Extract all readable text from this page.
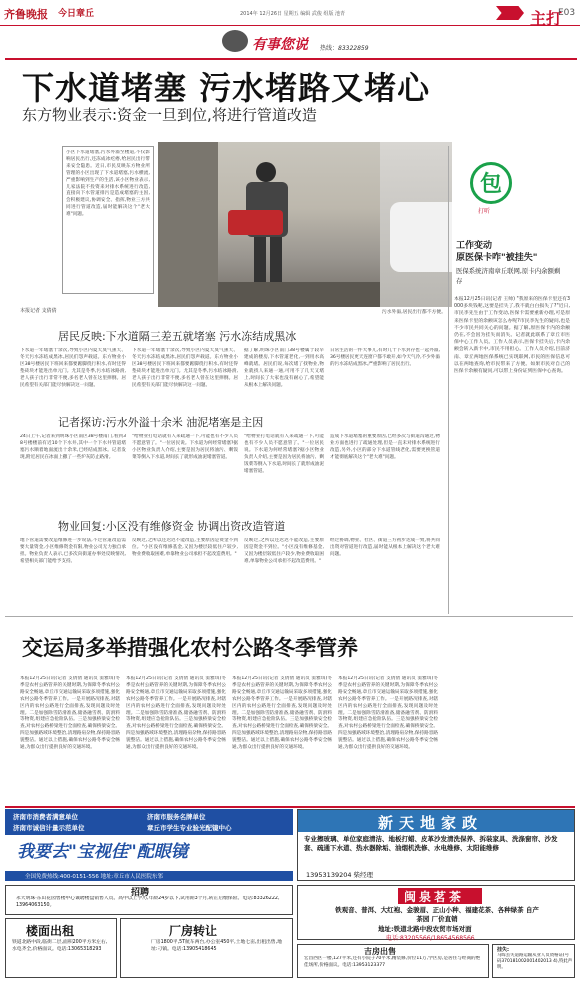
齐鲁晚报 今日章丘	2014年 12月26日 星期五 编辑 武俊 组版 池青	主打
E03
有事您说 热线：83322859
下水道堵塞 污水堵路又堵心
东方物业表示:资金一旦到位,将进行管道改造
小区下水道堵塞,污水外溢至楼道,不仅影响居民出行,还冻成冰疙瘩,给居民出行带来安全隐患。近日,市民反映东方物业所管理的小区出现了下水道堵塞,污水横流,严重影响到生产的生活,该小区物业表示,儿家法院不投资来对排水系统进行改造,直接向下水管道排污是造成堵塞的主因,会积极建议,协调安全、指挥,物业三方共同进行管道改造,届时能解决这个"老大难"问题。
本报记者 支倩倩	污水外溢,居民出行都不方便。
居民反映:下水道隔三差五就堵塞 污水冻结成黑冰
下水道一年堵塞十余次,导致小区内夏天臭气熏天、冬天污水冻结成黑冰,居民们怨声载道。东方物业小区38号楼居民下班回来都要踮脚绕行积水,有时还得垫砖块才能进出单元门。尤其是冬季,污水结冰路滑,老人孩子出行非常不便,多名老人曾在这里摔倒。居民希望有关部门能尽快解决这一问题。
下水道一年堵塞十余次,导致小区内夏天臭气熏天、冬天污水冻结成黑冰,居民们怨声载道。东方物业小区38号楼居民下班回来都要踮脚绕行积水,有时还得垫砖块才能进出单元门。尤其是冬季,污水结冰路滑,老人孩子出行非常不便,多名老人曾在这里摔倒。居民希望有关部门能尽快解决这一问题。
据了解,明珠小区南门38号楼属于较早建成的楼房,下水管道老化,一到用水高峰就堵。居民们说,每次堵了找物业,物业就找人来通一通,可用不了几天又堵上,时间长了大家也没有耐心了,希望能从根本上解决问题。
日常生活的一件大事儿,有时几十下水封存也一起外溢,36号楼居民更天连窗户都不敢开,如今天气冷,不少外溢的污水冻结成黑冰,严重影响了居民出行。
记者探访:污水外溢十余米 油泥堵塞是主因
24日上午,记者来到明珠小区南区38号楼南门,看到38号楼楼前有近10个下水井,其中一个下水井管道堵塞污水顺着地面流出十余米,已经结成黑冰。记者发现,附近居民在冰面上撒了一些炉灰防止路滑。
"给物业打电话就有人来疏通一下,可能也有不少人员不愿意管了。"一位居民说。下水道为何经常堵塞?据小区物业负责人介绍,主要是因为居民将油污、剩饭菜等倒入下水道,时间长了就形成油泥堵塞管道。
"给物业打电话就有人来疏通一下,可能也有不少人员不愿意管了。"一位居民说。下水道为何经常堵塞?据小区物业负责人介绍,主要是因为居民将油污、剩饭菜等倒入下水道,时间长了就形成油泥堵塞管道。
造成下水道堵塞的重要原因,已经多次与街道沟通过,物业方面也进行了疏通处理,但是一直未对排水系统进行改造,另外,小区的部分下水道管线老化,需要更换管道才能彻底解决这个"老大难"问题。
物业回复:小区没有维修资金 协调出资改造管道
地下管道需要改造维修进一步说法,不过管道改造需要大量资金,小区维修资金有限,物业公司无力独自承担。物业负责人表示,已多次向街道办事处反映情况,希望相关部门能给予支持。
反映过,之所以还迟迟不能改造,主要原因是资金不到位。"小区没有维修基金,又因为楼层较低住户较少,物业费收取困难,单靠物业公司承担不起改造费用。"
反映过,之所以还迟迟不能改造,主要原因是资金不到位。"小区没有维修基金,又因为楼层较低住户较少,物业费收取困难,单靠物业公司承担不起改造费用。"
经过协调,物业、社区、街道三方初步达成一致,将共同出资对管道进行改造,届时能从根本上解决这个老大难问题。
包
打听
工作变动
原医保卡咋"被挂失"
医保系统济南章丘联网,原卡内余额剩存
本报12月25日讯(记者 王帅) "我原来的医保卡里还有3000多块钱呢,这要是挂失了,我不就白白损失了?"近日,市民李先生由于工作变动,医保卡需要重新办理,可是原来医保卡里的余额该怎么办呢?市民李先生的疑问,也是不少市民共同关心的问题。据了解,原医保卡内的余额仍在,不会因为挂失而消失。记者就此联系了章丘市医保中心工作人员。工作人员表示,医保卡挂失后,卡内余额会转入新卡中,市民不用担心。工作人员介绍,目前济南、章丘两地医保系统已实现联网,市民的医保信息可以在两地查询,给市民带来了方便。如果市民对自己的医保卡余额有疑问,可以带上身份证到医保中心查询。
交运局多举措强化农村公路冬季管养
本报12月25日讯(记者 支倩倩 通讯员 窦雅琪)冬季是农村公路管养的关键时期,为保障冬季农村公路安全畅通,章丘市交通运输局采取多项措施,强化农村公路冬季管养工作。一是开展路况排查,对辖区内的农村公路进行全面排查,发现问题及时处理。二是加强除雪防滑准备,储备融雪剂、防滑料等物资,组建应急抢险队伍。三是加强桥梁安全检查,对农村公路桥梁进行全面检查,确保桥梁安全。四是加强路域环境整治,清理路肩杂物,保持路容路貌整洁。通过以上措施,确保农村公路冬季安全畅通,为群众出行提供良好的交通环境。
本报12月25日讯(记者 支倩倩 通讯员 窦雅琪)冬季是农村公路管养的关键时期,为保障冬季农村公路安全畅通,章丘市交通运输局采取多项措施,强化农村公路冬季管养工作。一是开展路况排查,对辖区内的农村公路进行全面排查,发现问题及时处理。二是加强除雪防滑准备,储备融雪剂、防滑料等物资,组建应急抢险队伍。三是加强桥梁安全检查,对农村公路桥梁进行全面检查,确保桥梁安全。四是加强路域环境整治,清理路肩杂物,保持路容路貌整洁。通过以上措施,确保农村公路冬季安全畅通,为群众出行提供良好的交通环境。
本报12月25日讯(记者 支倩倩 通讯员 窦雅琪)冬季是农村公路管养的关键时期,为保障冬季农村公路安全畅通,章丘市交通运输局采取多项措施,强化农村公路冬季管养工作。一是开展路况排查,对辖区内的农村公路进行全面排查,发现问题及时处理。二是加强除雪防滑准备,储备融雪剂、防滑料等物资,组建应急抢险队伍。三是加强桥梁安全检查,对农村公路桥梁进行全面检查,确保桥梁安全。四是加强路域环境整治,清理路肩杂物,保持路容路貌整洁。通过以上措施,确保农村公路冬季安全畅通,为群众出行提供良好的交通环境。
本报12月25日讯(记者 支倩倩 通讯员 窦雅琪)冬季是农村公路管养的关键时期,为保障冬季农村公路安全畅通,章丘市交通运输局采取多项措施,强化农村公路冬季管养工作。一是开展路况排查,对辖区内的农村公路进行全面排查,发现问题及时处理。二是加强除雪防滑准备,储备融雪剂、防滑料等物资,组建应急抢险队伍。三是加强桥梁安全检查,对农村公路桥梁进行全面检查,确保桥梁安全。四是加强路域环境整治,清理路肩杂物,保持路容路貌整洁。通过以上措施,确保农村公路冬季安全畅通,为群众出行提供良好的交通环境。
济南市消费者满意单位	济南市服务名牌单位
济南市诚信计量示范单位	章丘市学生专业验光配镜中心
我要去"宝视佳"配眼镜
全国免费热线:400-0151-556 地址:章丘市人民医院东邻
新天地家政
专业擦玻璃、单位家庭清洁、地板打蜡、皮革沙发清洗保养、拆装家具、洗涤窗帘、沙发套、疏通下水道、热水器除垢、油烟机洗修、水电维修、太阳能维修
13953139204 柴经理
招聘
永大明珠·东山花园售楼中心诚聘楼盘销售人员。高中以上学历,年龄24岁以下,试用期3个月,转正后缴保险。电话:83326222, 13964063150。
闽泉茗茶
铁观音、普洱、大红袍、金骏眉、正山小种、福建花茶、各种绿茶 自产茶园 厂价直销
地址:铁道北路中段农贸市场对面
电话:83205566/18654568566
楼面出租
铁道北路中段,临街二层,面积200平方米左右,水电齐全,价格面议。电话:13065318293
厂房转让
厂房1800平,5T航车两台,办公室450平,土地七亩,出租出售,地址:刁镇。电话:13905418645	吉房出售
宏昌西区一楼,127平米,还有小院子70平米,精装修,价位11万,学区房,是居住与经商的绝佳场所,价格面议。电话:13953123377
挂失:
马晖丢失道路运输从业人员资格证(号码370181002001402013 4),特此声明。
